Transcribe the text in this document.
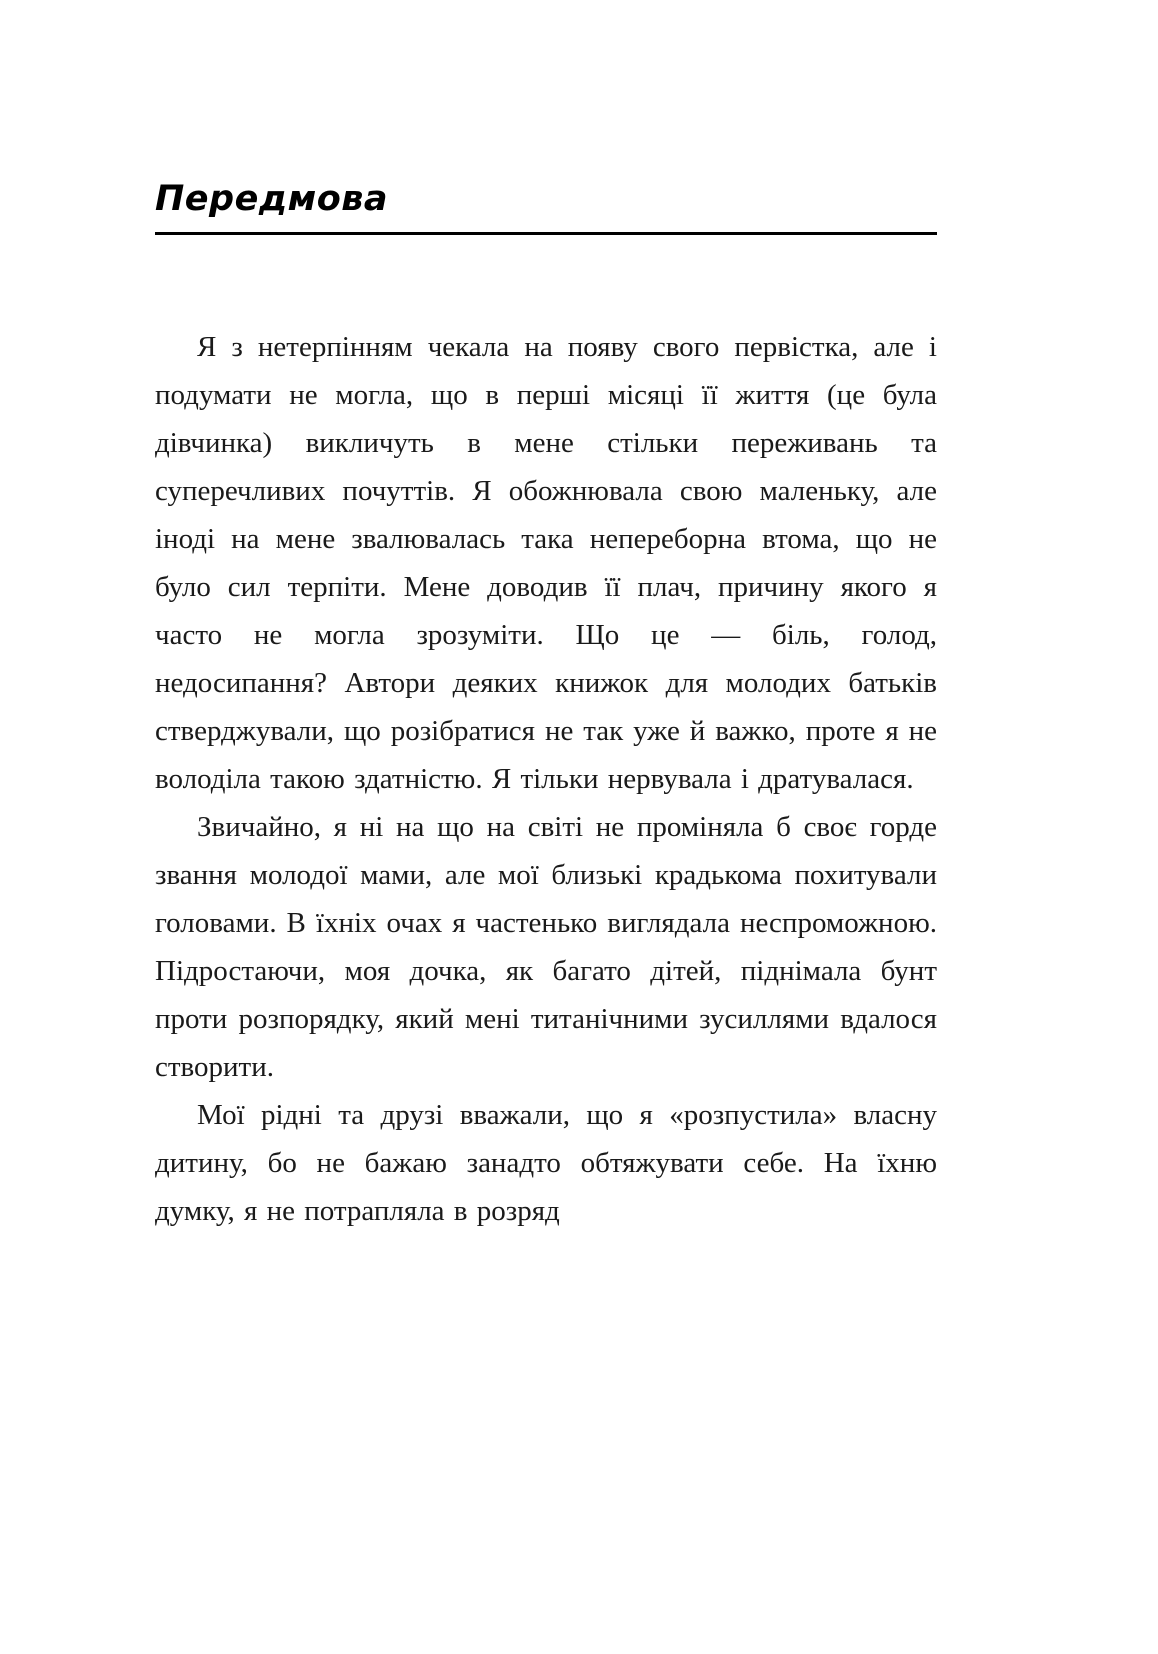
Передмова

Я з нетерпінням чекала на появу свого первістка, але і подумати не могла, що в перші місяці її життя (це була дівчинка) викличуть в мене стільки переживань та суперечливих почуттів. Я обожнювала свою маленьку, але іноді на мене звалювалась така непереборна втома, що не було сил терпіти. Мене доводив її плач, причину якого я часто не могла зрозуміти. Що це — біль, голод, недосипання? Автори деяких книжок для молодих батьків стверджували, що розібратися не так уже й важко, проте я не володіла такою здатністю. Я тільки нервувала і дратувалася.

Звичайно, я ні на що на світі не проміняла б своє горде звання молодої мами, але мої близькі крадькома похитували головами. В їхніх очах я частенько виглядала неспроможною. Підростаючи, моя дочка, як багато дітей, піднімала бунт проти розпорядку, який мені титанічними зусиллями вдалося створити.

Мої рідні та друзі вважали, що я «розпустила» власну дитину, бо не бажаю занадто обтяжувати себе. На їхню думку, я не потрапляла в розряд
